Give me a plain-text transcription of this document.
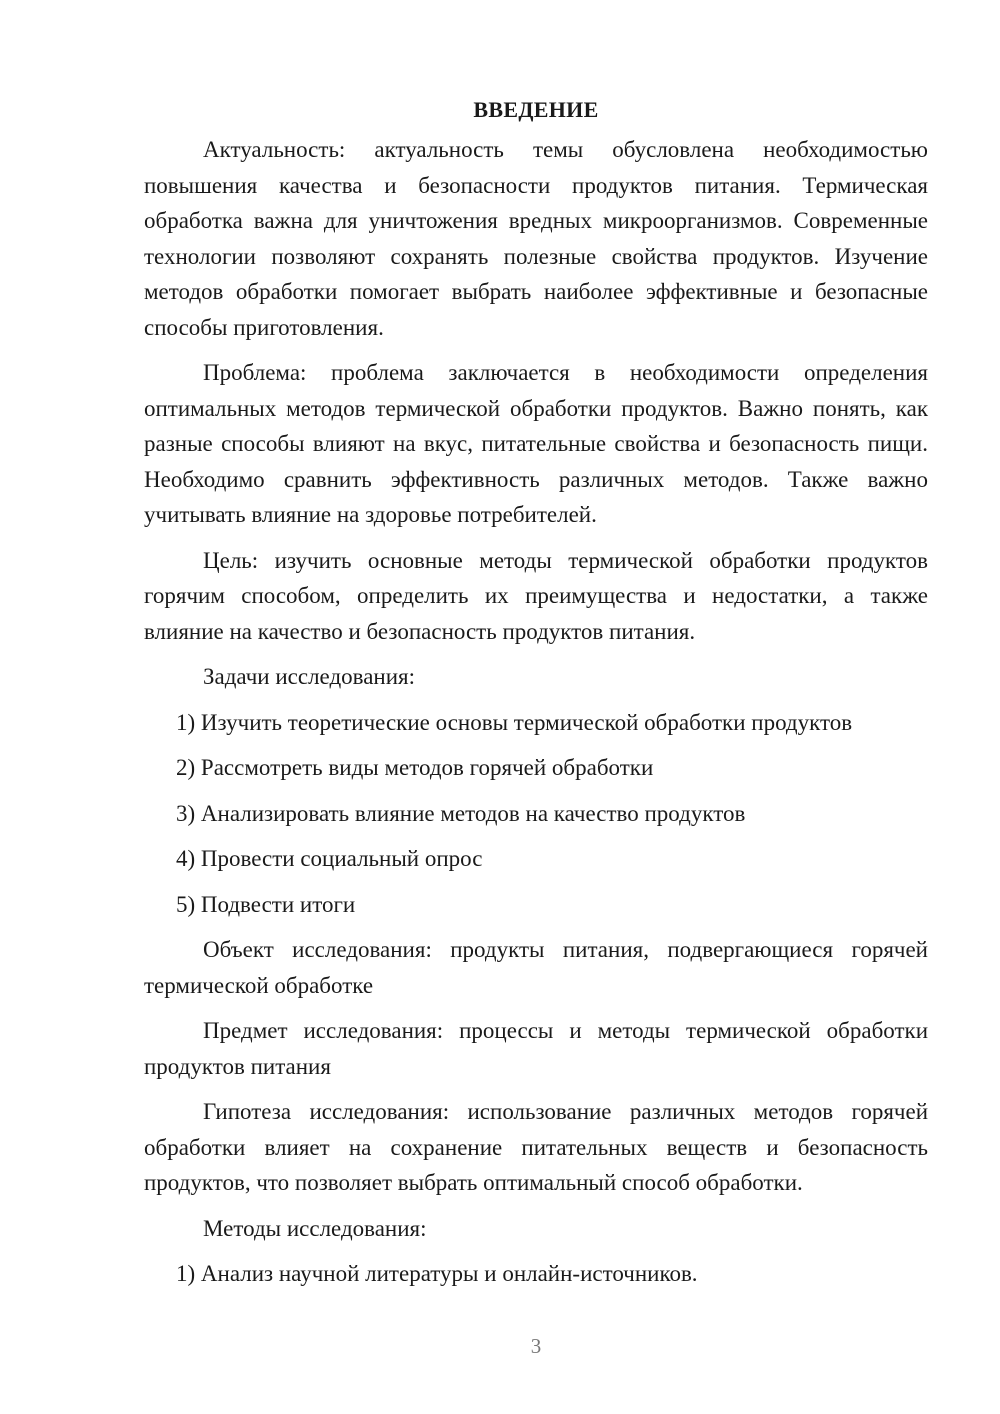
ВВЕДЕНИЕ

Актуальность: актуальность темы обусловлена необходимостью повышения качества и безопасности продуктов питания. Термическая обработка важна для уничтожения вредных микроорганизмов. Современные технологии позволяют сохранять полезные свойства продуктов. Изучение методов обработки помогает выбрать наиболее эффективные и безопасные способы приготовления.

Проблема: проблема заключается в необходимости определения оптимальных методов термической обработки продуктов. Важно понять, как разные способы влияют на вкус, питательные свойства и безопасность пищи. Необходимо сравнить эффективность различных методов. Также важно учитывать влияние на здоровье потребителей.

Цель: изучить основные методы термической обработки продуктов горячим способом, определить их преимущества и недостатки, а также влияние на качество и безопасность продуктов питания.

Задачи исследования:

1) Изучить теоретические основы термической обработки продуктов
2) Рассмотреть виды методов горячей обработки
3) Анализировать влияние методов на качество продуктов
4) Провести социальный опрос
5) Подвести итоги

Объект исследования: продукты питания, подвергающиеся горячей термической обработке

Предмет исследования: процессы и методы термической обработки продуктов питания

Гипотеза исследования: использование различных методов горячей обработки влияет на сохранение питательных веществ и безопасность продуктов, что позволяет выбрать оптимальный способ обработки.

Методы исследования:

1) Анализ научной литературы и онлайн-источников.
3
